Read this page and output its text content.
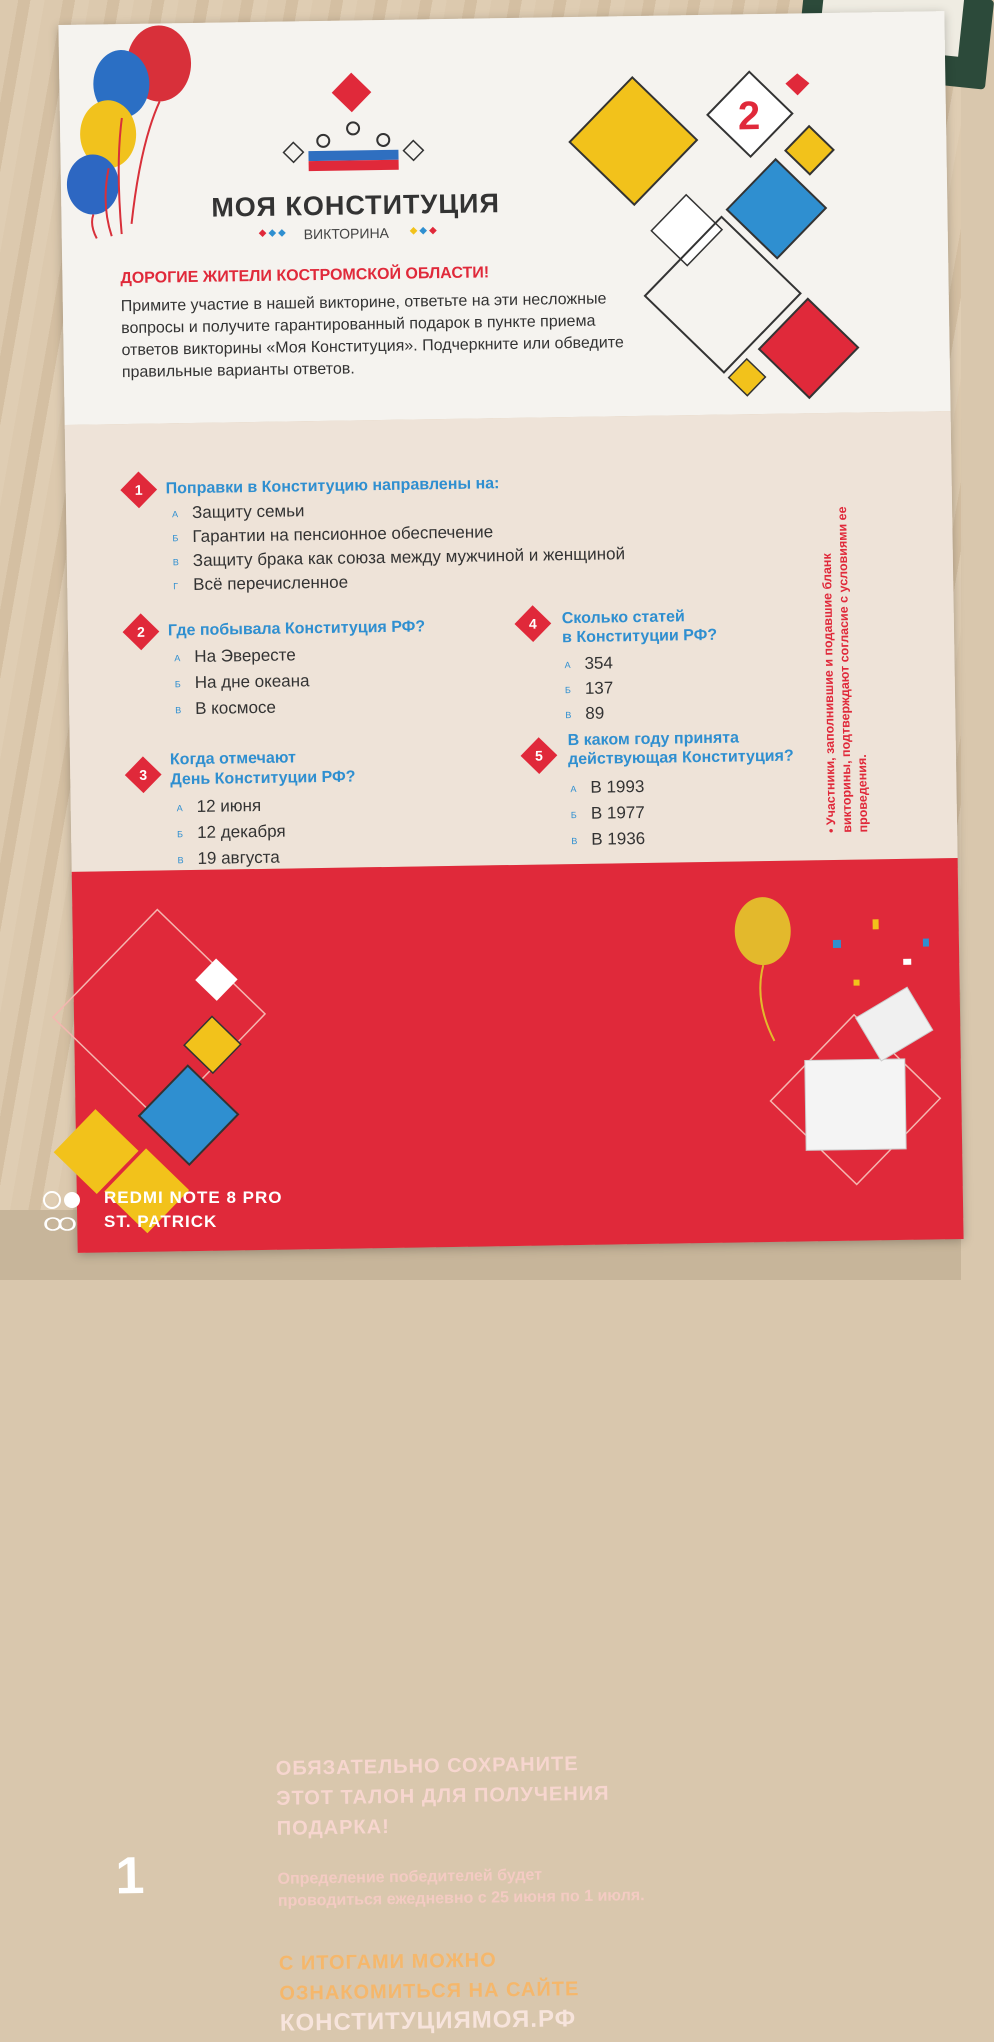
МОЯ КОНСТИТУЦИЯ
◆◆◆ ВИКТОРИНА ◆◆◆
2
ДОРОГИЕ ЖИТЕЛИ КОСТРОМСКОЙ ОБЛАСТИ!
Примите участие в нашей викторине, ответьте на эти несложные вопросы и получите гарантированный подарок в пункте приема ответов викторины «Моя Конституция». Подчеркните или обведите правильные варианты ответов.
1	Поправки в Конституцию направлены на:
А Защиту семьи
Б Гарантии на пенсионное обеспечение
В Защиту брака как союза между мужчиной и женщиной
Г Всё перечисленное
2	Где побывала Конституция РФ?
А На Эвересте
Б На дне океана
В В космосе
3
Когда отмечают
День Конституции РФ?
А 12 июня
Б 12 декабря
В 19 августа
4	Сколько статей
в Конституции РФ?
А 354
Б 137
В 89
5
В каком году принята
действующая Конституция?
А В 1993
Б В 1977
В В 1936
• Участники, заполнившие и подавшие бланк викторины, подтверждают согласие с условиями ее проведения.
1
ОБЯЗАТЕЛЬНО СОХРАНИТЕ
ЭТОТ ТАЛОН ДЛЯ ПОЛУЧЕНИЯ
ПОДАРКА!
Определение победителей будет
проводиться ежедневно с 25 июня по 1 июля.
С ИТОГАМИ МОЖНО
ОЗНАКОМИТЬСЯ НА САЙТЕ
КОНСТИТУЦИЯМОЯ.РФ
REDMI NOTE 8 PRO
ST. PATRICK
